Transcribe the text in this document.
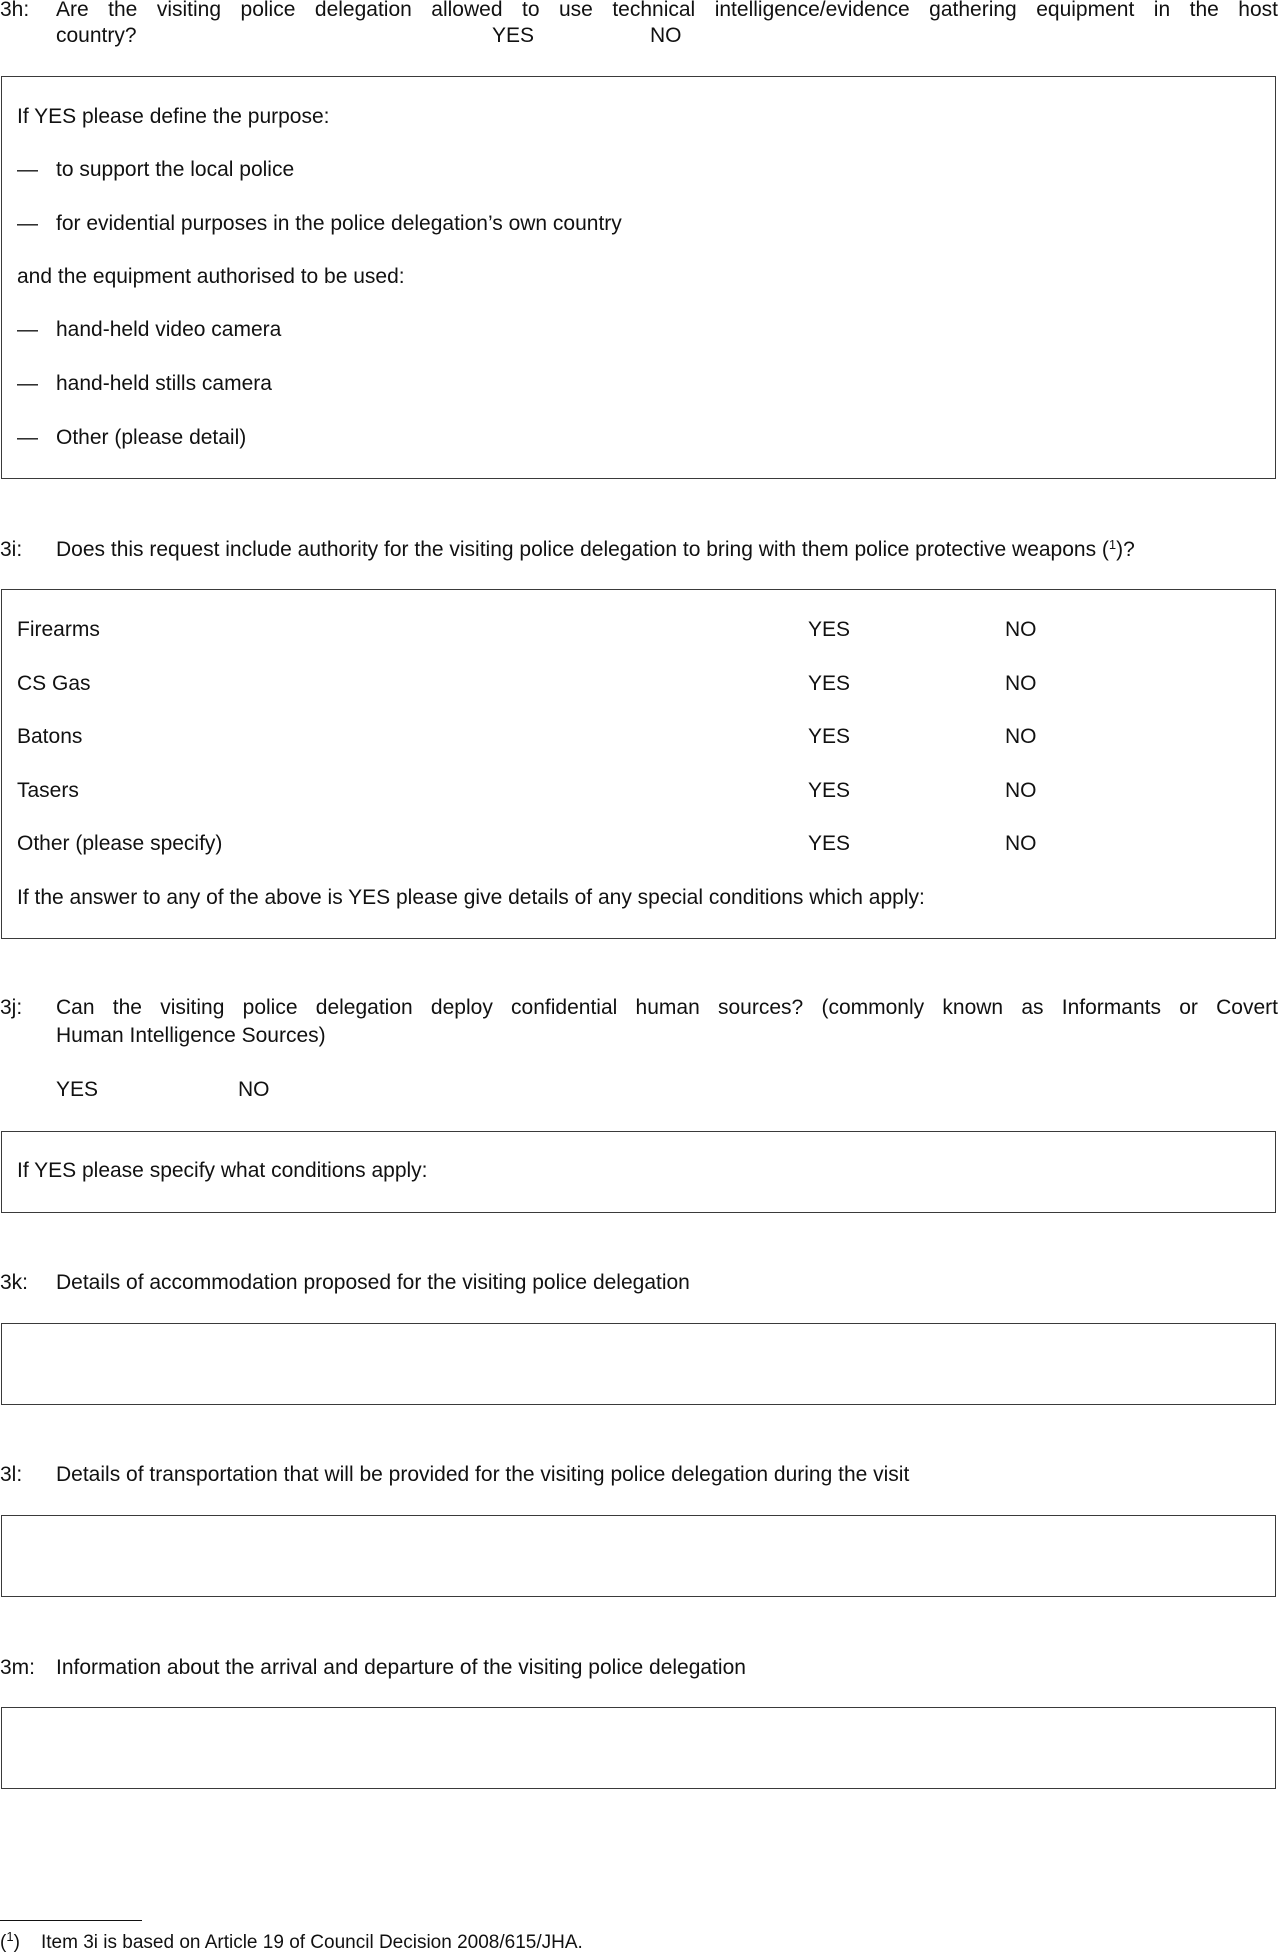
3h: Are the visiting police delegation allowed to use technical intelligence/evidence gathering equipment in the host
country?	YES	NO
If YES please define the purpose:
— to support the local police
— for evidential purposes in the police delegation’s own country
and the equipment authorised to be used:
— hand-held video camera
— hand-held stills camera
— Other (please detail)
3i: Does this request include authority for the visiting police delegation to bring with them police protective weapons ($^1$)?
Firearms	YES	NO
CS Gas	YES	NO
Batons	YES	NO
Tasers	YES	NO
Other (please specify)	YES	NO
If the answer to any of the above is YES please give details of any special conditions which apply:
3j: Can the visiting police delegation deploy confidential human sources? (commonly known as Informants or Covert
Human Intelligence Sources)
YES	NO
If YES please specify what conditions apply:
3k: Details of accommodation proposed for the visiting police delegation
3l: Details of transportation that will be provided for the visiting police delegation during the visit
3m: Information about the arrival and departure of the visiting police delegation
($^1$) Item 3i is based on Article 19 of Council Decision 2008/615/JHA.
